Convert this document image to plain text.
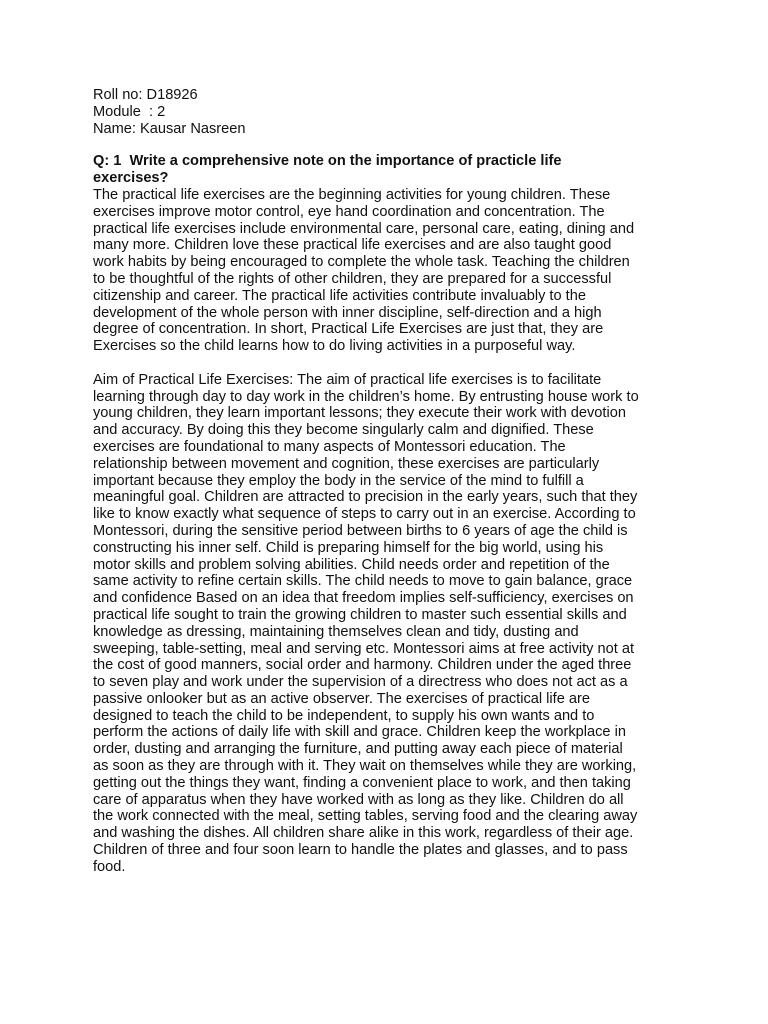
Roll no: D18926
Module  : 2
Name: Kausar Nasreen
Q: 1  Write a comprehensive note on the importance of practicle life
exercises?

The practical life exercises are the beginning activities for young children. These
exercises improve motor control, eye hand coordination and concentration. The
practical life exercises include environmental care, personal care, eating, dining and
many more. Children love these practical life exercises and are also taught good
work habits by being encouraged to complete the whole task. Teaching the children
to be thoughtful of the rights of other children, they are prepared for a successful
citizenship and career. The practical life activities contribute invaluably to the
development of the whole person with inner discipline, self-direction and a high
degree of concentration. In short, Practical Life Exercises are just that, they are
Exercises so the child learns how to do living activities in a purposeful way.

Aim of Practical Life Exercises: The aim of practical life exercises is to facilitate
learning through day to day work in the children’s home. By entrusting house work to
young children, they learn important lessons; they execute their work with devotion
and accuracy. By doing this they become singularly calm and dignified. These
exercises are foundational to many aspects of Montessori education. The
relationship between movement and cognition, these exercises are particularly
important because they employ the body in the service of the mind to fulfill a
meaningful goal. Children are attracted to precision in the early years, such that they
like to know exactly what sequence of steps to carry out in an exercise. According to
Montessori, during the sensitive period between births to 6 years of age the child is
constructing his inner self. Child is preparing himself for the big world, using his
motor skills and problem solving abilities. Child needs order and repetition of the
same activity to refine certain skills. The child needs to move to gain balance, grace
and confidence Based on an idea that freedom implies self-sufficiency, exercises on
practical life sought to train the growing children to master such essential skills and
knowledge as dressing, maintaining themselves clean and tidy, dusting and
sweeping, table-setting, meal and serving etc. Montessori aims at free activity not at
the cost of good manners, social order and harmony. Children under the aged three
to seven play and work under the supervision of a directress who does not act as a
passive onlooker but as an active observer. The exercises of practical life are
designed to teach the child to be independent, to supply his own wants and to
perform the actions of daily life with skill and grace. Children keep the workplace in
order, dusting and arranging the furniture, and putting away each piece of material
as soon as they are through with it. They wait on themselves while they are working,
getting out the things they want, finding a convenient place to work, and then taking
care of apparatus when they have worked with as long as they like. Children do all
the work connected with the meal, setting tables, serving food and the clearing away
and washing the dishes. All children share alike in this work, regardless of their age.
Children of three and four soon learn to handle the plates and glasses, and to pass
food.
